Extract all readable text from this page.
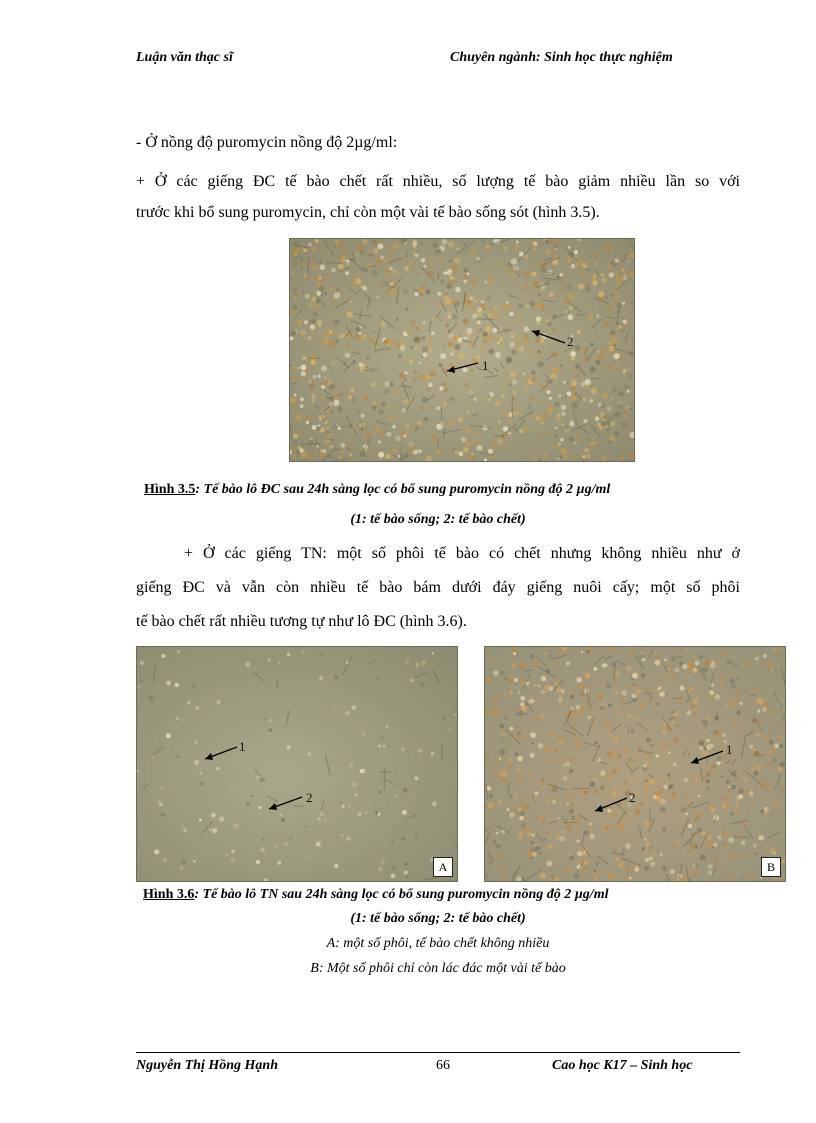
Luận văn thạc sĩ	Chuyên ngành: Sinh học thực nghiệm
- Ở nồng độ puromycin nồng độ 2µg/ml:
+ Ở các giếng ĐC tế bào chết rất nhiều, số lượng tế bào giảm nhiều lần so với
trước khi bổ sung puromycin, chỉ còn một vài tế bào sống sót (hình 3.5).
1
2
Hình 3.5: Tế bào lô ĐC sau 24h sàng lọc có bổ sung puromycin nồng độ 2 µg/ml
(1: tế bào sống; 2: tế bào chết)
+ Ở các giếng TN: một số phôi tế bào có chết nhưng không nhiều như ở
giếng ĐC và vẫn còn nhiều tế bào bám dưới đáy giếng nuôi cấy; một số phôi
tế bào chết rất nhiều tương tự như lô ĐC (hình 3.6).
1
2
A
1
2
B
Hình 3.6: Tế bào lô TN sau 24h sàng lọc có bổ sung puromycin nồng độ 2 µg/ml
(1: tế bào sống; 2: tế bào chết)
A: một số phôi, tế bào chết không nhiều
B: Một số phôi chỉ còn lác đác một vài tế bào
Nguyễn Thị Hồng Hạnh	66	Cao học K17 – Sinh học
